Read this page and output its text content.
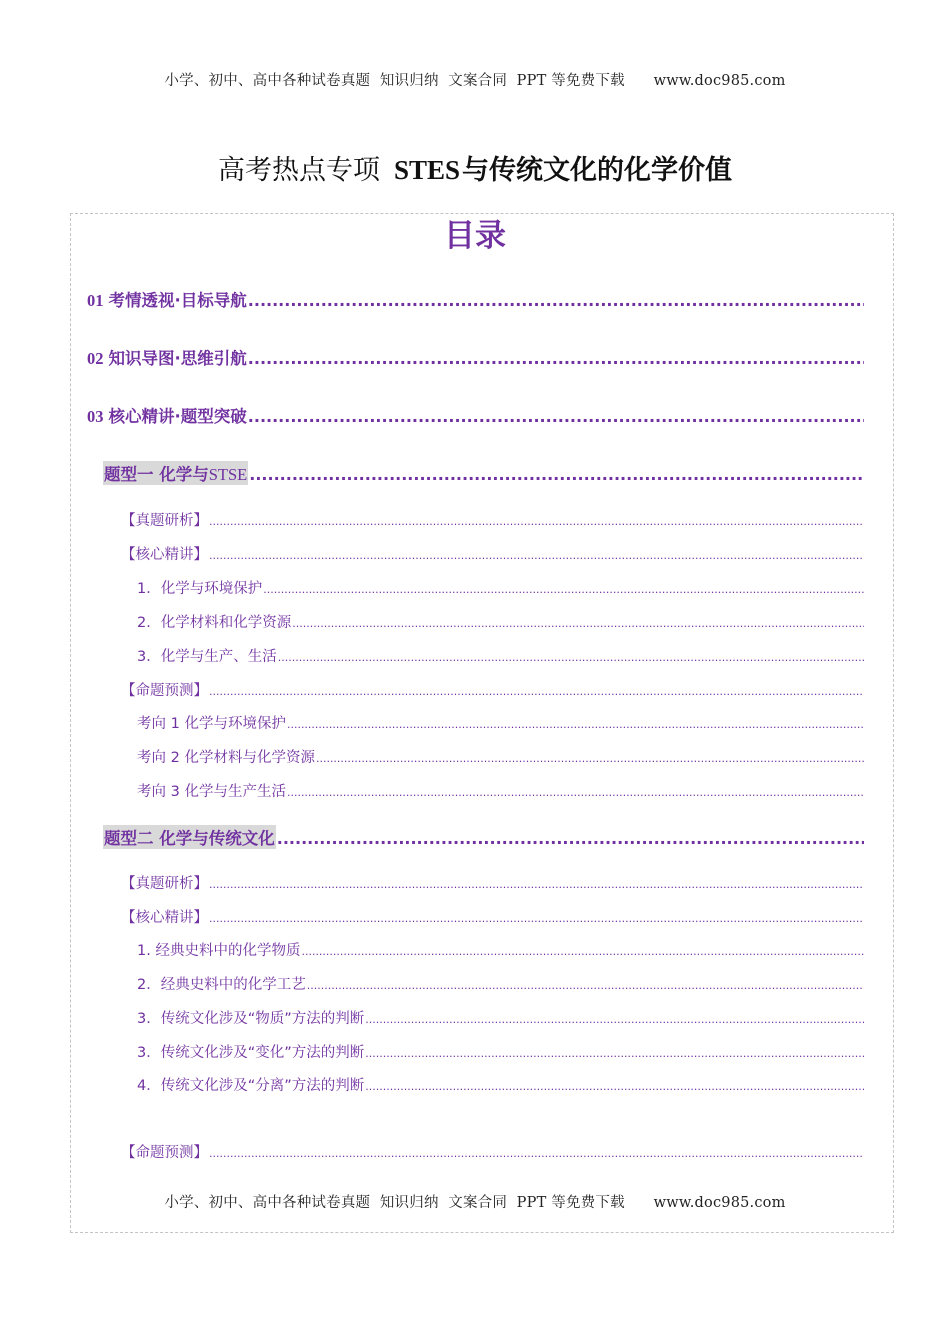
小学、初中、高中各种试卷真题  知识归纳  文案合同  PPT 等免费下载      www.doc985.com
高考热点专项 STES与传统文化的化学价值
目录
01 考情透视·目标导航
.....
02 知识导图·思维引航
.....
03 核心精讲·题型突破
.....
题型一 化学与STSE
.....
【真题研析】
.....
【核心精讲】
.....
1．化学与环境保护
.....
2．化学材料和化学资源
.....
3．化学与生产、生活
.....
【命题预测】
.....
考向 1 化学与环境保护
.....
考向 2 化学材料与化学资源
.....
考向 3 化学与生产生活
.....
题型二 化学与传统文化
.....
【真题研析】
.....
【核心精讲】
.....
1. 经典史料中的化学物质
.....
2．经典史料中的化学工艺
.....
3．传统文化涉及“物质”方法的判断
.....
3．传统文化涉及“变化”方法的判断
.....
4．传统文化涉及“分离”方法的判断
.....
【命题预测】
.....
小学、初中、高中各种试卷真题  知识归纳  文案合同  PPT 等免费下载      www.doc985.com
